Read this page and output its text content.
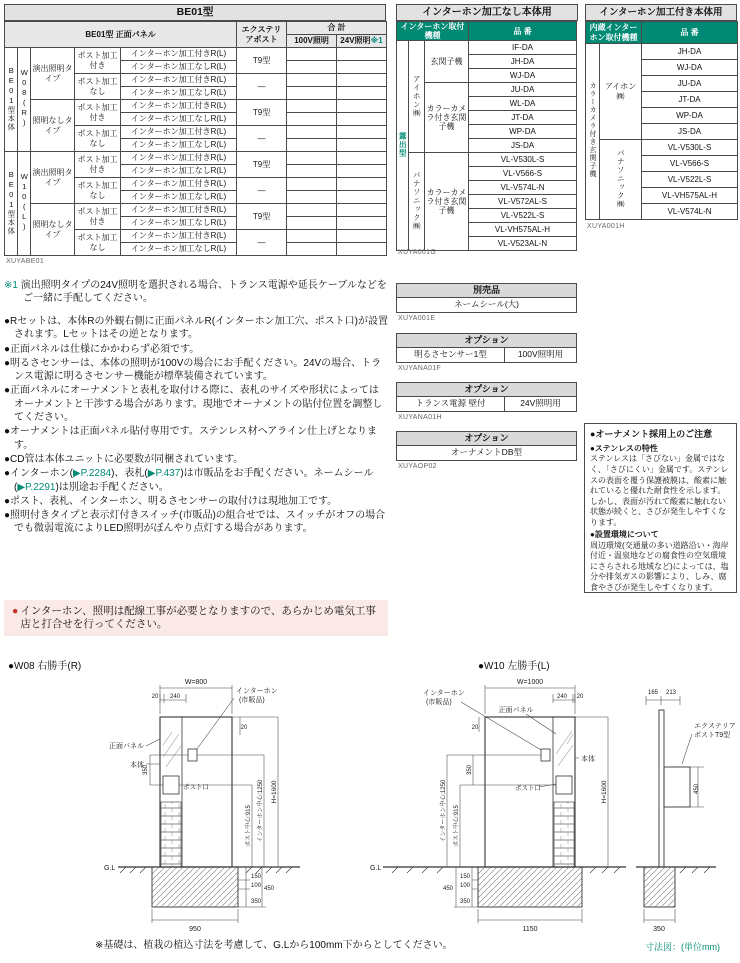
BE01型
BE01型 正面パネル					エクステリアポスト	合 計	
						100V照明	24V照明※1
BE01型本体	W08(R)	演出照明タイプ	ポスト加工付き	インターホン加工付きR(L)	T9型		
				インターホン加工なしR(L)			
			ポスト加工なし	インターホン加工付きR(L)	—		
				インターホン加工なしR(L)			
		照明なしタイプ	ポスト加工付き	インターホン加工付きR(L)	T9型		
				インターホン加工なしR(L)			
			ポスト加工なし	インターホン加工付きR(L)	—		
				インターホン加工なしR(L)			
BE01型本体	W10(L)	演出照明タイプ	ポスト加工付き	インターホン加工付きR(L)	T9型		
				インターホン加工なしR(L)			
			ポスト加工なし	インターホン加工付きR(L)	—		
				インターホン加工なしR(L)			
		照明なしタイプ	ポスト加工付き	インターホン加工付きR(L)	T9型		
				インターホン加工なしR(L)			
			ポスト加工なし	インターホン加工付きR(L)	—		
				インターホン加工なしR(L)			
XUYABE01
※1 演出照明タイプの24V照明を選択される場合、トランス電源や延長ケーブルなどをご一緒に手配してください。
●Rセットは、本体Rの外観右側に正面パネルR(インターホン加工穴、ポスト口)が設置されます。Lセットはその逆となります。
●正面パネルは仕様にかかわらず必須です。
●明るさセンサーは、本体の照明が100Vの場合にお手配ください。24Vの場合、トランス電源に明るさセンサー機能が標準装備されています。
●正面パネルにオーナメントと表札を取付ける際に、表札のサイズや形状によっては オーナメントと干渉する場合があります。現地でオーナメントの貼付位置を調整してください。
●オーナメントは正面パネル貼付専用です。ステンレス材ヘアライン仕上げとなります。
●CD管は本体ユニットに必要数が同梱されています。
●インターホン(▶P.2284)、表札(▶P.437)は市販品をお手配ください。ネームシール(▶P.2291)は別途お手配ください。
●ポスト、表札、インターホン、明るさセンサーの取付けは現地加工です。
●照明付きタイプと表示灯付きスイッチ(市販品)の組合せでは、スイッチがオフの場合でも微弱電流によりLED照明がぼんやり点灯する場合があります。
● インターホン、照明は配線工事が必要となりますので、あらかじめ電気工事店と打合せを行ってください。
インターホン加工なし本体用
インターホン取付機種			品 番
露出型	アイホン㈱	玄関子機	IF-DA
			JH-DA
			WJ-DA
		カラーカメラ付き玄関子機	JU-DA
			WL-DA
			JT-DA
			WP-DA
			JS-DA
	パナソニック㈱	カラーカメラ付き玄関子機	VL-V530L-S
			VL-V566-S
			VL-V574L-N
			VL-V572AL-S
			VL-V522L-S
			VL-VH575AL-H
			VL-V523AL-N
XUYA001G
別売品
ネームシール(大)
XUYA001E
オプション
明るさセンサー1型	100V照明用
XUYANA01F
オプション
トランス電源 壁付	24V照明用
XUYANA01H
オプション
オーナメントDB型
XUYAOP02
インターホン加工付き本体用
内蔵インターホン取付機種		品 番
カラーカメラ付き玄関子機	アイホン㈱	JH-DA
		WJ-DA
		JU-DA
		JT-DA
		WP-DA
		JS-DA
	パナソニック㈱	VL-V530L-S
		VL-V566-S
		VL-V522L-S
		VL-VH575AL-H
		VL-V574L-N
XUYA001H
●オーナメント採用上のご注意
●ステンレスの特性
ステンレスは「さびない」金属ではなく、「さびにくい」金属です。ステンレスの表面を覆う保護被膜は、酸素に触れていると優れた耐食性を示します。しかし、表面が汚れて酸素に触れない状態が続くと、さびが発生しやすくなります。
●設置環境について
周辺環境(交通量の多い道路沿い・海岸付近・温泉地などの腐食性の空気環境にさらされる地域など)によっては、塩分や排気ガスの影響により、しみ、腐食やさびが発生しやすくなります。
●W08 右勝手(R)	●W10 左勝手(L)
W=800
20 240
インターホン
(市販品)
正面パネル
本体
ポスト口
350
20
ポスト中心:915	インターホン中心:1250 H=1600
G.L
150
100
350
450
950
W=1000
240 20
インターホン
(市販品)
正面パネル
本体
ポスト口
350
20
ポスト中心:915
インターホン中心:1250	H=1600
G.L
150
100
350
450
1150
165 213
エクステリア
ポストT9型
450
350
※基礎は、植栽の植込寸法を考慮して、G.Lから100mm下からとしてください。	寸法図：(単位mm)
